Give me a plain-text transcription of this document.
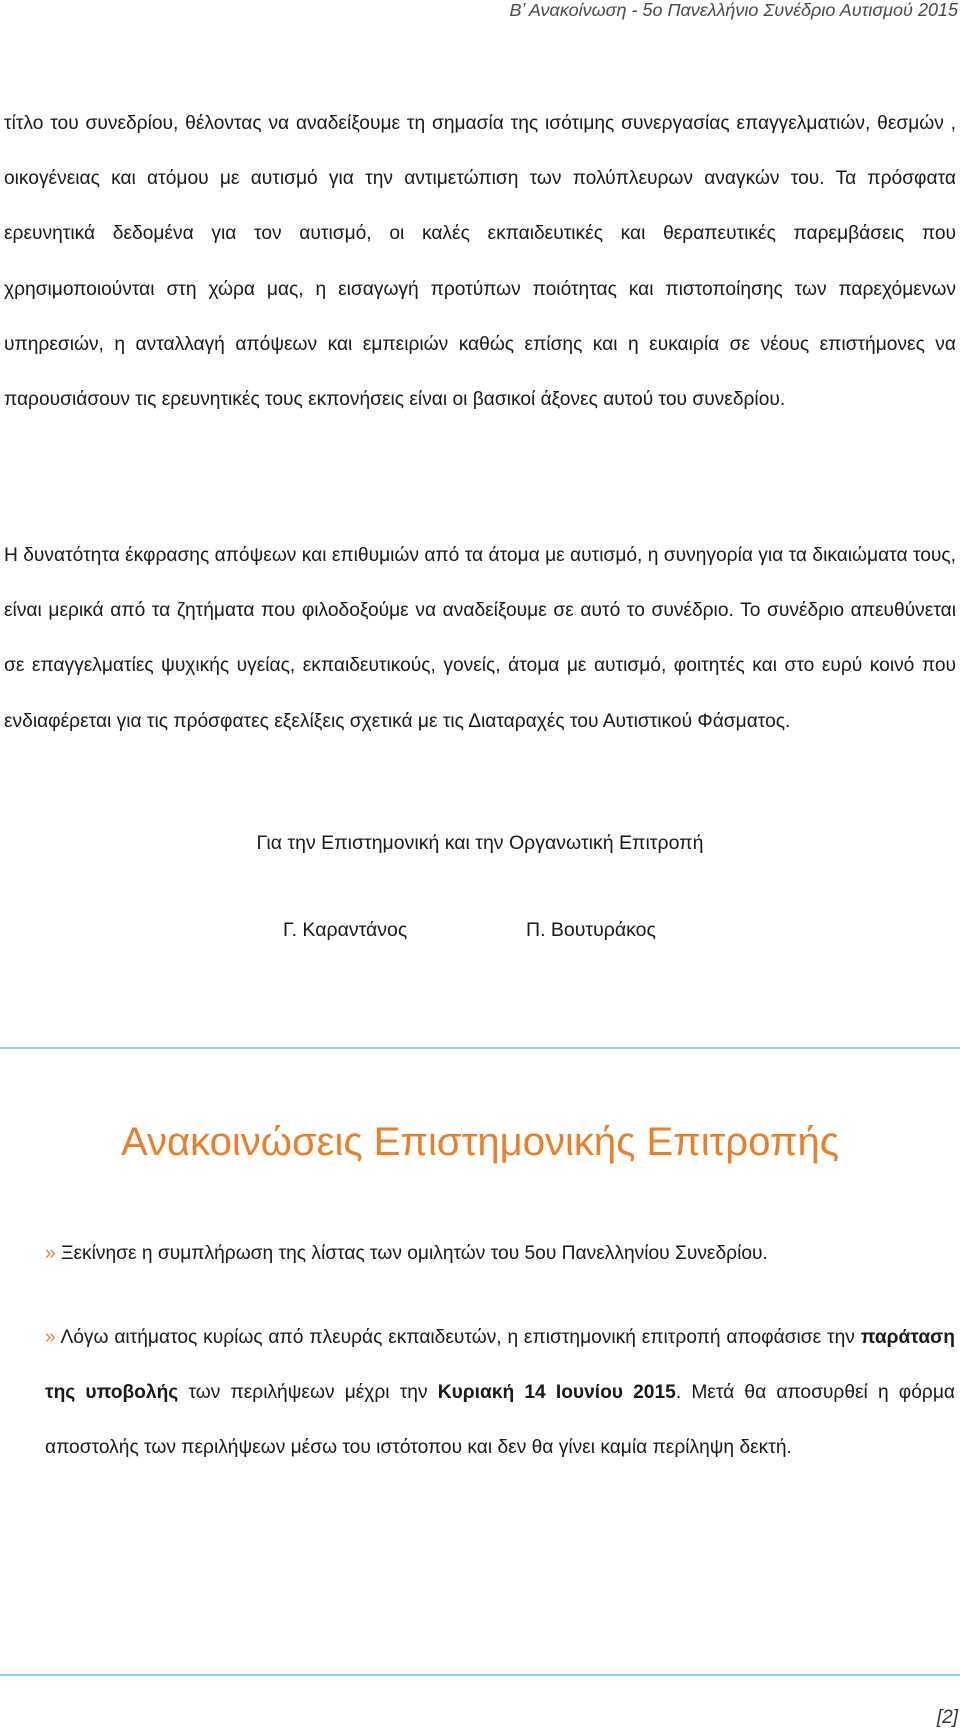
Β’ Ανακοίνωση - 5ο Πανελλήνιο Συνέδριο Αυτισμού 2015

τίτλο του συνεδρίου, θέλοντας να αναδείξουμε τη σημασία της ισότιμης συνεργασίας επαγγελματιών, θεσμών , οικογένειας και ατόμου με αυτισμό για την αντιμετώπιση των πολύπλευρων αναγκών του. Τα πρόσφατα ερευνητικά δεδομένα για τον αυτισμό, οι καλές εκπαιδευτικές και θεραπευτικές παρεμβάσεις που χρησιμοποιούνται στη χώρα μας, η εισαγωγή προτύπων ποιότητας και πιστοποίησης των παρεχόμενων υπηρεσιών, η ανταλλαγή απόψεων και εμπειριών καθώς επίσης και η ευκαιρία σε νέους επιστήμονες να παρουσιάσουν τις ερευνητικές τους εκπονήσεις είναι οι βασικοί άξονες αυτού του συνεδρίου.

Η δυνατότητα έκφρασης απόψεων και επιθυμιών από τα άτομα με αυτισμό, η συνηγορία για τα δικαιώματα τους, είναι μερικά από τα ζητήματα που φιλοδοξούμε να αναδείξουμε σε αυτό το συνέδριο. Το συνέδριο απευθύνεται σε επαγγελματίες ψυχικής υγείας, εκπαιδευτικούς, γονείς, άτομα με αυτισμό, φοιτητές και στο ευρύ κοινό που ενδιαφέρεται για τις πρόσφατες εξελίξεις σχετικά με τις Διαταραχές του Αυτιστικού Φάσματος.

Για την Επιστημονική και την Οργανωτική Επιτροπή
Γ. Καραντάνος	Π. Βουτυράκος
Ανακοινώσεις Επιστημονικής Επιτροπής

» Ξεκίνησε η συμπλήρωση της λίστας των ομιλητών του 5ου Πανελληνίου Συνεδρίου.

» Λόγω αιτήματος κυρίως από πλευράς εκπαιδευτών, η επιστημονική επιτροπή αποφάσισε την παράταση της υποβολής των περιλήψεων μέχρι την Κυριακή 14 Ιουνίου 2015. Μετά θα αποσυρθεί η φόρμα αποστολής των περιλήψεων μέσω του ιστότοπου και δεν θα γίνει καμία περίληψη δεκτή.

[2]
